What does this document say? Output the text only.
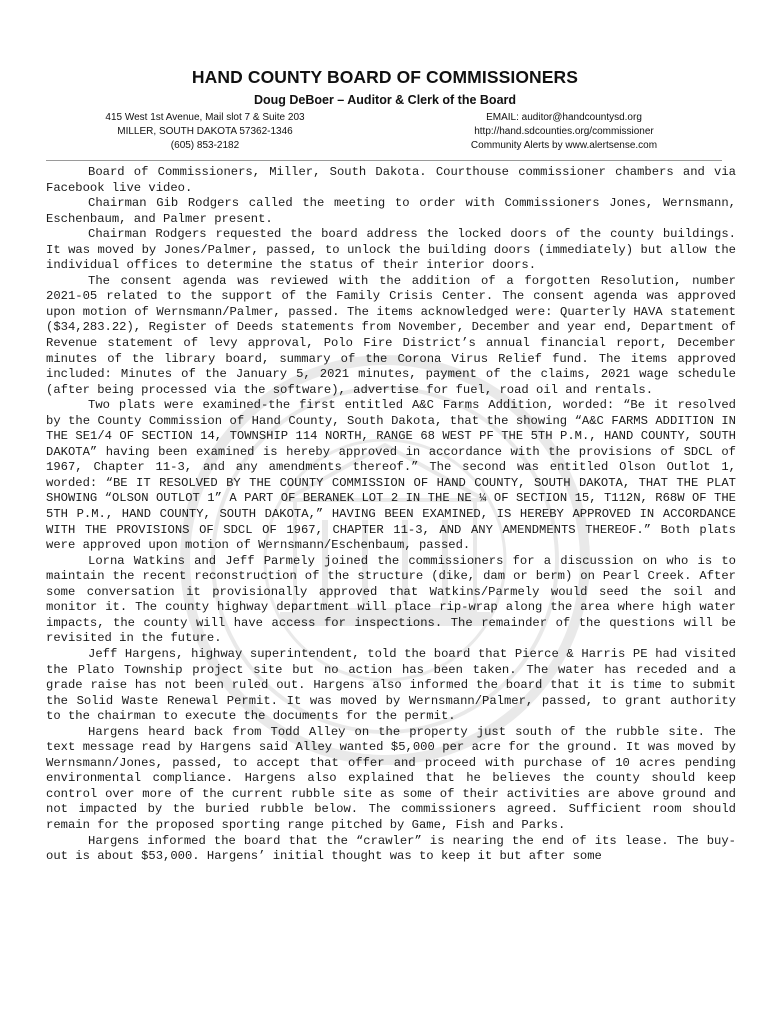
HAND COUNTY BOARD OF COMMISSIONERS

Doug DeBoer – Auditor & Clerk of the Board

415 West 1st Avenue, Mail slot 7 & Suite 203
MILLER, SOUTH DAKOTA 57362-1346
(605) 853-2182
EMAIL: auditor@handcountysd.org
http://hand.sdcounties.org/commissioner
Community Alerts by www.alertsense.com

Board of Commissioners, Miller, South Dakota. Courthouse commissioner chambers and via Facebook live video.

Chairman Gib Rodgers called the meeting to order with Commissioners Jones, Wernsmann, Eschenbaum, and Palmer present.

Chairman Rodgers requested the board address the locked doors of the county buildings. It was moved by Jones/Palmer, passed, to unlock the building doors (immediately) but allow the individual offices to determine the status of their interior doors.

The consent agenda was reviewed with the addition of a forgotten Resolution, number 2021-05 related to the support of the Family Crisis Center. The consent agenda was approved upon motion of Wernsmann/Palmer, passed. The items acknowledged were: Quarterly HAVA statement ($34,283.22), Register of Deeds statements from November, December and year end, Department of Revenue statement of levy approval, Polo Fire District’s annual financial report, December minutes of the library board, summary of the Corona Virus Relief fund. The items approved included: Minutes of the January 5, 2021 minutes, payment of the claims, 2021 wage schedule (after being processed via the software), advertise for fuel, road oil and rentals.

Two plats were examined-the first entitled A&C Farms Addition, worded: “Be it resolved by the County Commission of Hand County, South Dakota, that the showing “A&C FARMS ADDITION IN THE SE1/4 OF SECTION 14, TOWNSHIP 114 NORTH, RANGE 68 WEST PF THE 5TH P.M., HAND COUNTY, SOUTH DAKOTA” having been examined is hereby approved in accordance with the provisions of SDCL of 1967, Chapter 11-3, and any amendments thereof.” The second was entitled Olson Outlot 1, worded: “BE IT RESOLVED BY THE COUNTY COMMISSION OF HAND COUNTY, SOUTH DAKOTA, THAT THE PLAT SHOWING “OLSON OUTLOT 1” A PART OF BERANEK LOT 2 IN THE NE ¼ OF SECTION 15, T112N, R68W OF THE 5TH P.M., HAND COUNTY, SOUTH DAKOTA,” HAVING BEEN EXAMINED, IS HEREBY APPROVED IN ACCORDANCE WITH THE PROVISIONS OF SDCL OF 1967, CHAPTER 11-3, AND ANY AMENDMENTS THEREOF.” Both plats were approved upon motion of Wernsmann/Eschenbaum, passed.

Lorna Watkins and Jeff Parmely joined the commissioners for a discussion on who is to maintain the recent reconstruction of the structure (dike, dam or berm) on Pearl Creek. After some conversation it provisionally approved that Watkins/Parmely would seed the soil and monitor it. The county highway department will place rip-wrap along the area where high water impacts, the county will have access for inspections. The remainder of the questions will be revisited in the future.

Jeff Hargens, highway superintendent, told the board that Pierce & Harris PE had visited the Plato Township project site but no action has been taken. The water has receded and a grade raise has not been ruled out. Hargens also informed the board that it is time to submit the Solid Waste Renewal Permit. It was moved by Wernsmann/Palmer, passed, to grant authority to the chairman to execute the documents for the permit.

Hargens heard back from Todd Alley on the property just south of the rubble site. The text message read by Hargens said Alley wanted $5,000 per acre for the ground. It was moved by Wernsmann/Jones, passed, to accept that offer and proceed with purchase of 10 acres pending environmental compliance. Hargens also explained that he believes the county should keep control over more of the current rubble site as some of their activities are above ground and not impacted by the buried rubble below. The commissioners agreed. Sufficient room should remain for the proposed sporting range pitched by Game, Fish and Parks.

Hargens informed the board that the “crawler” is nearing the end of its lease. The buy-out is about $53,000. Hargens’ initial thought was to keep it but after some
